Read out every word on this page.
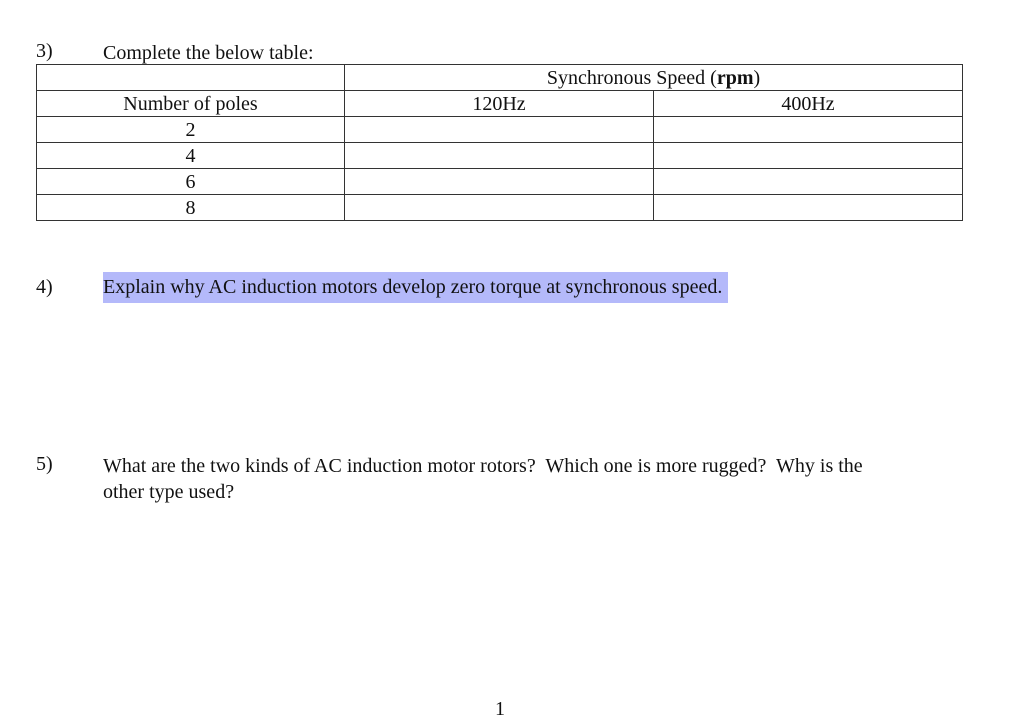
3)	Complete the below table:
	Synchronous Speed (rpm)	
Number of poles	120Hz	400Hz
2		
4		
6		
8		
4)	Explain why AC induction motors develop zero torque at synchronous speed.
5)	What are the two kinds of AC induction motor rotors?  Which one is more rugged?  Why is the
other type used?
1
